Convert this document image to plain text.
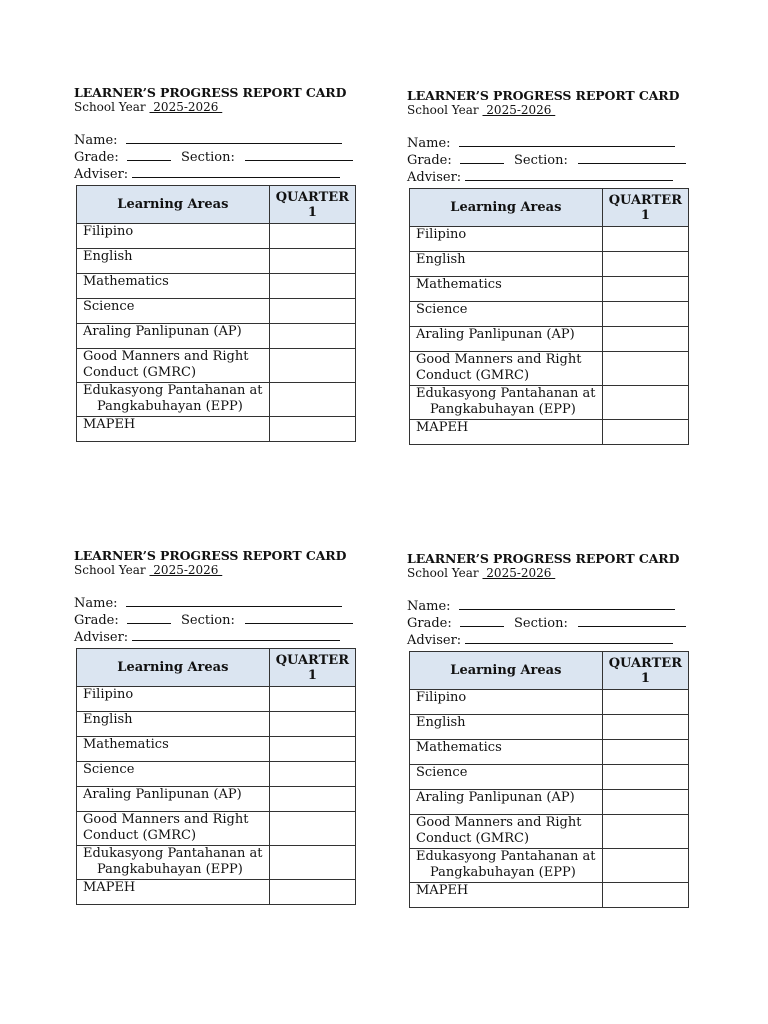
LEARNER’S PROGRESS REPORT CARD
School Year  2025-2026
Name:
Grade:	Section:
Adviser:
Learning Areas	QUARTER 1
Filipino	
English	
Mathematics	
Science	
Araling Panlipunan (AP)	

Good Manners and Right
Conduct (GMRC)	

Edukasyong Pantahanan at
Pangkabuhayan (EPP)	

MAPEH	
LEARNER’S PROGRESS REPORT CARD
School Year  2025-2026
Name:
Grade:	Section:
Adviser:
Learning Areas	QUARTER 1
Filipino	
English	
Mathematics	
Science	
Araling Panlipunan (AP)	

Good Manners and Right
Conduct (GMRC)	

Edukasyong Pantahanan at
Pangkabuhayan (EPP)	

MAPEH	
LEARNER’S PROGRESS REPORT CARD
School Year  2025-2026
Name:
Grade:	Section:
Adviser:
Learning Areas	QUARTER 1
Filipino	
English	
Mathematics	
Science	
Araling Panlipunan (AP)	

Good Manners and Right
Conduct (GMRC)	

Edukasyong Pantahanan at
Pangkabuhayan (EPP)	

MAPEH	
LEARNER’S PROGRESS REPORT CARD
School Year  2025-2026
Name:
Grade:	Section:
Adviser:
Learning Areas	QUARTER 1
Filipino	
English	
Mathematics	
Science	
Araling Panlipunan (AP)	

Good Manners and Right
Conduct (GMRC)	

Edukasyong Pantahanan at
Pangkabuhayan (EPP)	

MAPEH	
